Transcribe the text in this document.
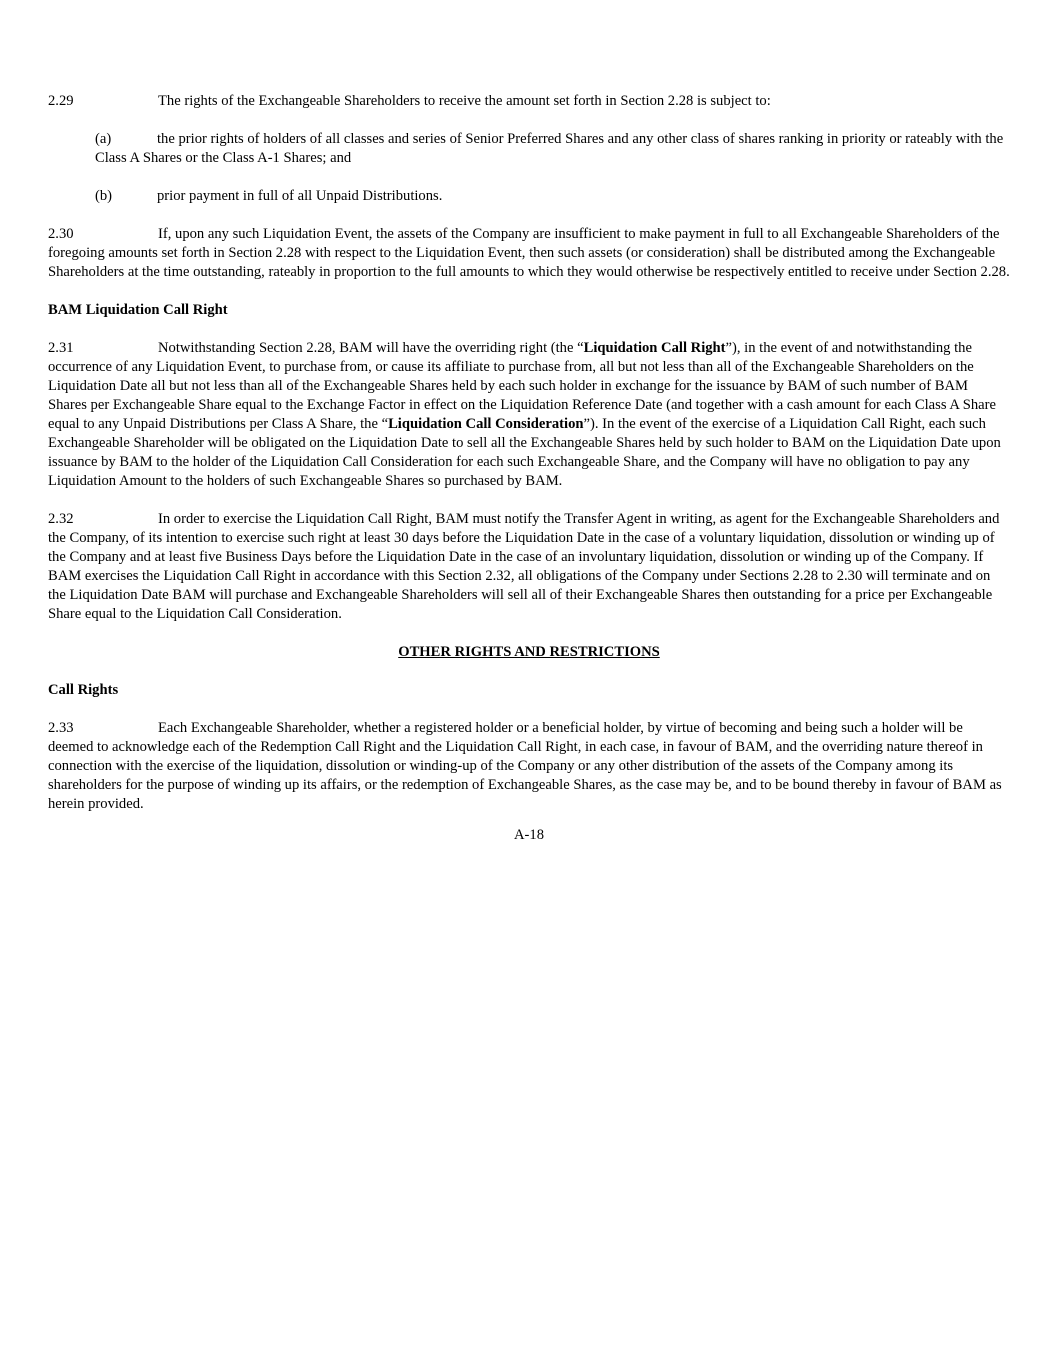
2.29	The rights of the Exchangeable Shareholders to receive the amount set forth in Section 2.28 is subject to:

(a)	the prior rights of holders of all classes and series of Senior Preferred Shares and any other class of shares ranking in priority or rateably with the Class A Shares or the Class A-1 Shares; and

(b)	prior payment in full of all Unpaid Distributions.

2.30	If, upon any such Liquidation Event, the assets of the Company are insufficient to make payment in full to all Exchangeable Shareholders of the foregoing amounts set forth in Section 2.28 with respect to the Liquidation Event, then such assets (or consideration) shall be distributed among the Exchangeable Shareholders at the time outstanding, rateably in proportion to the full amounts to which they would otherwise be respectively entitled to receive under Section 2.28.

BAM Liquidation Call Right

2.31	Notwithstanding Section 2.28, BAM will have the overriding right (the “Liquidation Call Right”), in the event of and notwithstanding the occurrence of any Liquidation Event, to purchase from, or cause its affiliate to purchase from, all but not less than all of the Exchangeable Shareholders on the Liquidation Date all but not less than all of the Exchangeable Shares held by each such holder in exchange for the issuance by BAM of such number of BAM Shares per Exchangeable Share equal to the Exchange Factor in effect on the Liquidation Reference Date (and together with a cash amount for each Class A Share equal to any Unpaid Distributions per Class A Share, the “Liquidation Call Consideration”). In the event of the exercise of a Liquidation Call Right, each such Exchangeable Shareholder will be obligated on the Liquidation Date to sell all the Exchangeable Shares held by such holder to BAM on the Liquidation Date upon issuance by BAM to the holder of the Liquidation Call Consideration for each such Exchangeable Share, and the Company will have no obligation to pay any Liquidation Amount to the holders of such Exchangeable Shares so purchased by BAM.

2.32	In order to exercise the Liquidation Call Right, BAM must notify the Transfer Agent in writing, as agent for the Exchangeable Shareholders and the Company, of its intention to exercise such right at least 30 days before the Liquidation Date in the case of a voluntary liquidation, dissolution or winding up of the Company and at least five Business Days before the Liquidation Date in the case of an involuntary liquidation, dissolution or winding up of the Company. If BAM exercises the Liquidation Call Right in accordance with this Section 2.32, all obligations of the Company under Sections 2.28 to 2.30 will terminate and on the Liquidation Date BAM will purchase and Exchangeable Shareholders will sell all of their Exchangeable Shares then outstanding for a price per Exchangeable Share equal to the Liquidation Call Consideration.

OTHER RIGHTS AND RESTRICTIONS

Call Rights

2.33	Each Exchangeable Shareholder, whether a registered holder or a beneficial holder, by virtue of becoming and being such a holder will be deemed to acknowledge each of the Redemption Call Right and the Liquidation Call Right, in each case, in favour of BAM, and the overriding nature thereof in connection with the exercise of the liquidation, dissolution or winding-up of the Company or any other distribution of the assets of the Company among its shareholders for the purpose of winding up its affairs, or the redemption of Exchangeable Shares, as the case may be, and to be bound thereby in favour of BAM as herein provided.

A-18
